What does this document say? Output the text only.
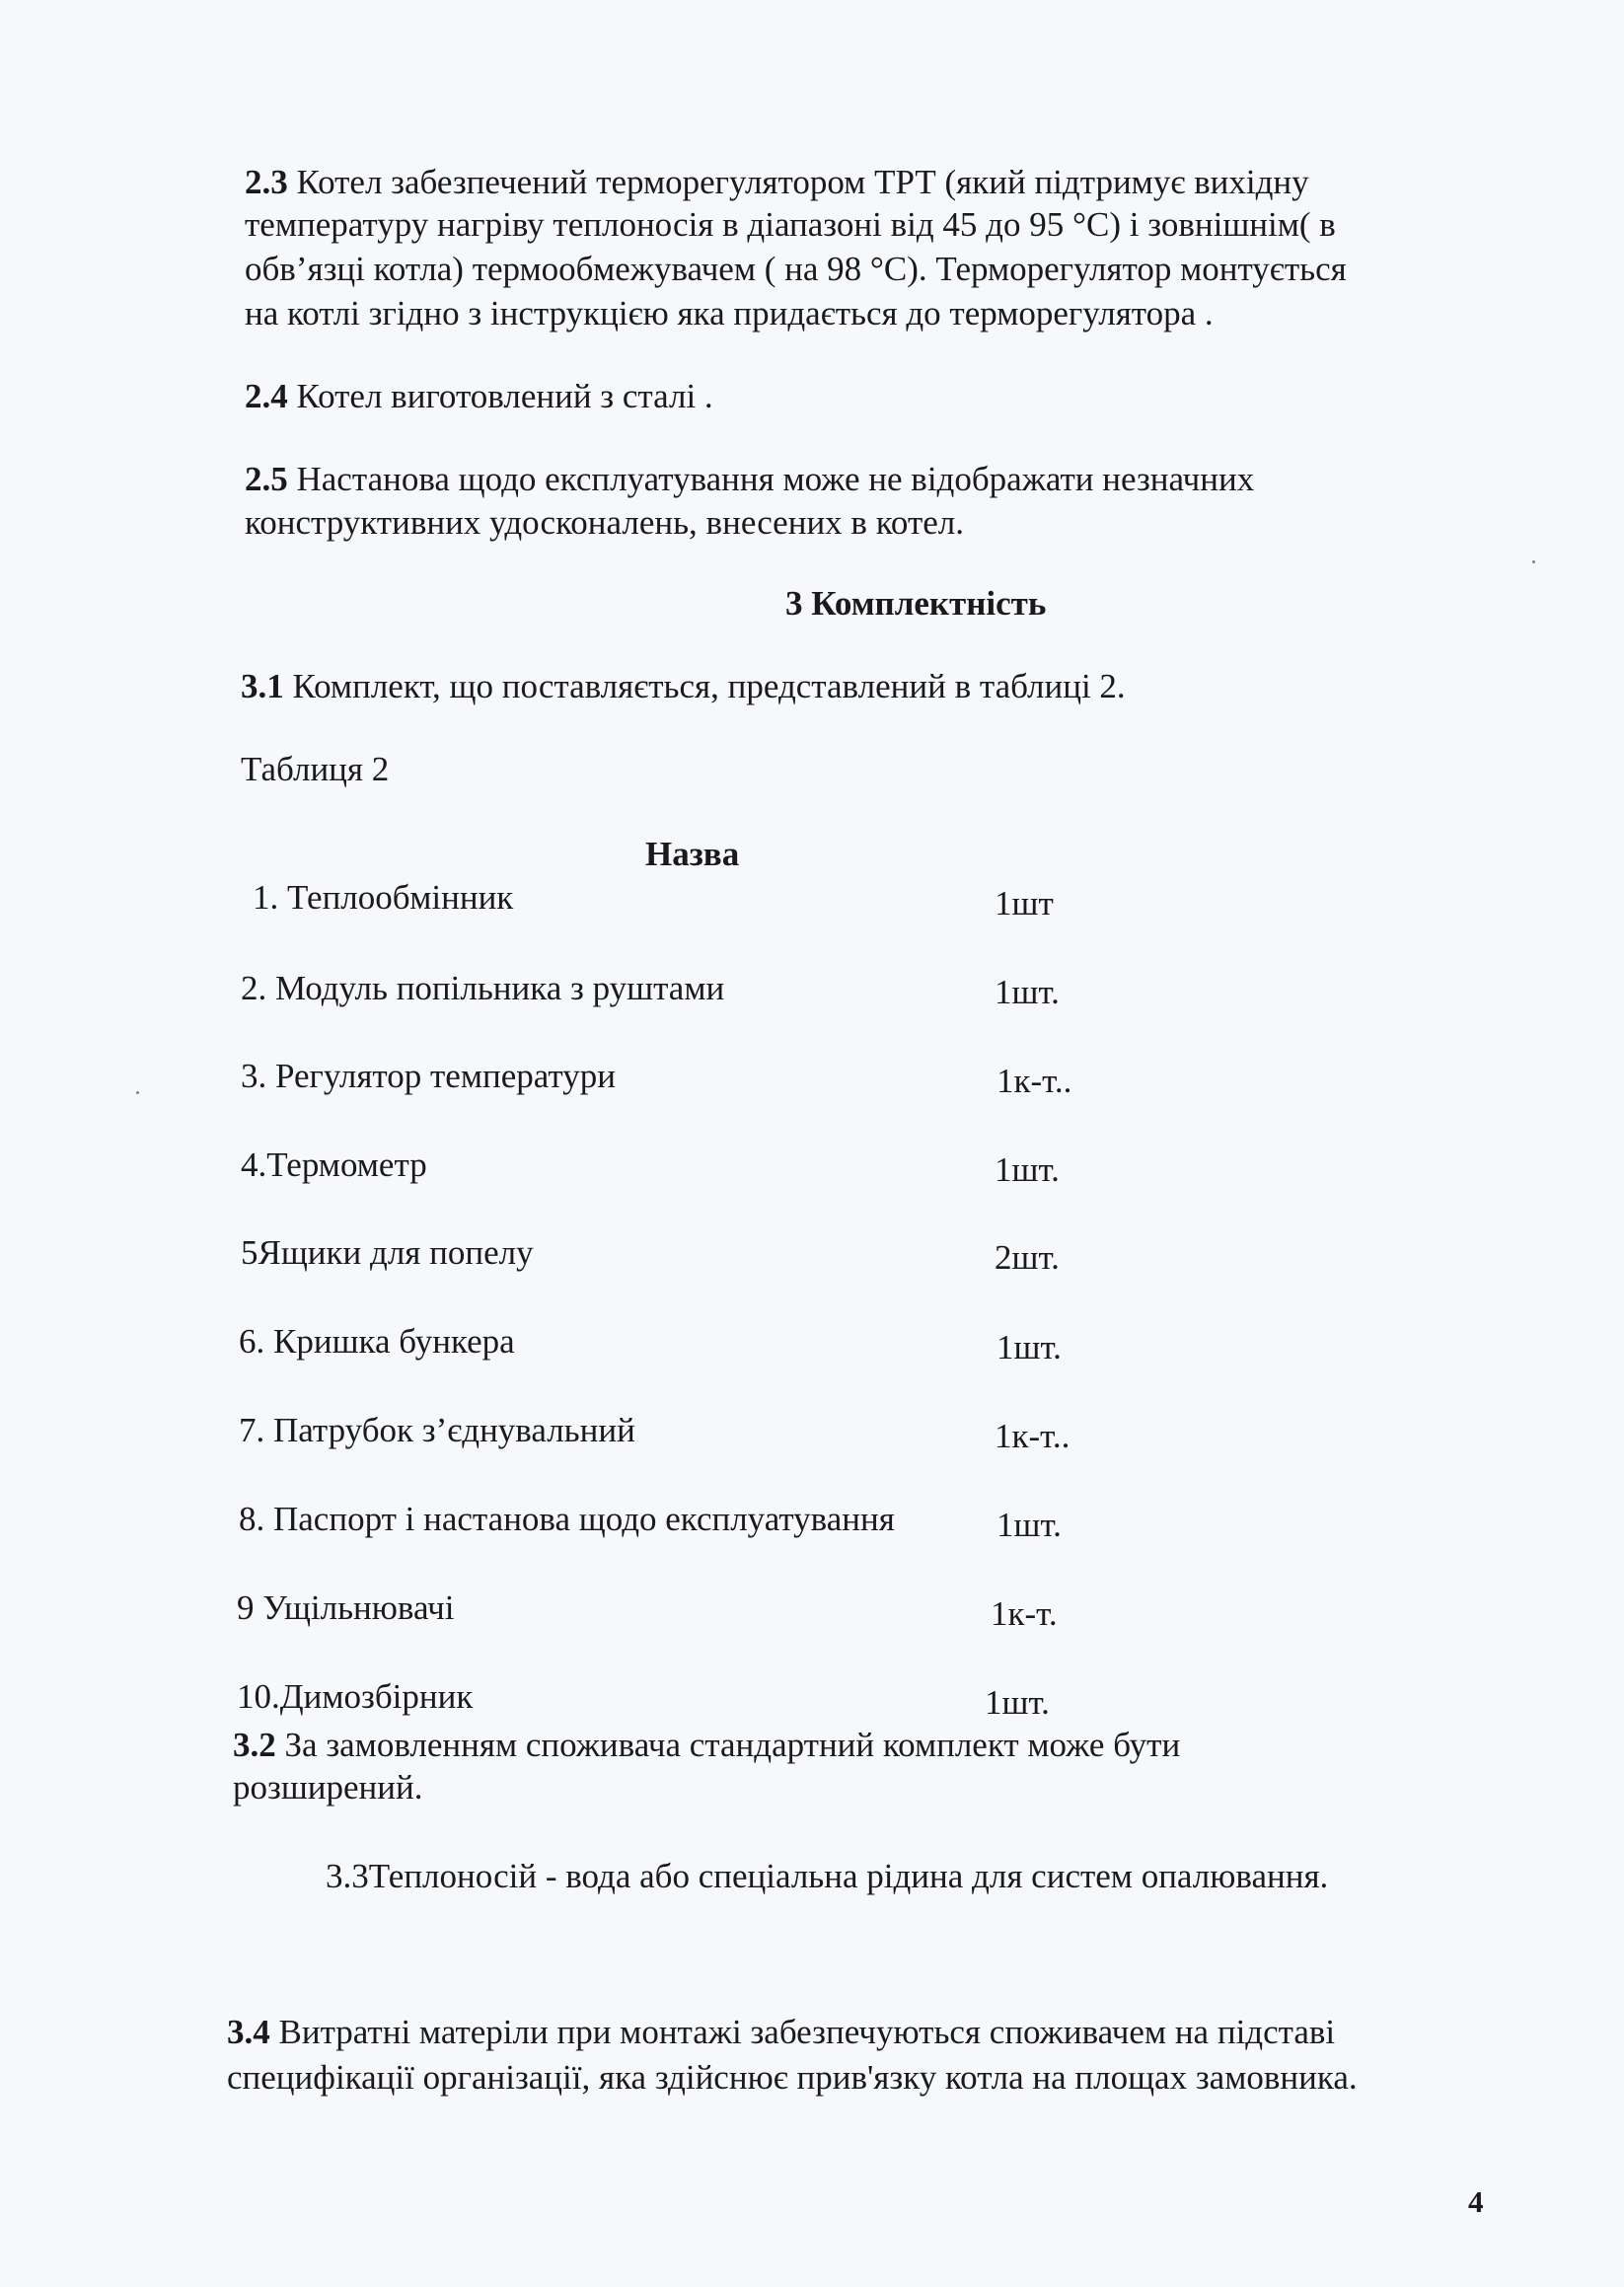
2.3 Котел забезпечений терморегулятором ТРТ (який підтримує вихідну
температуру нагріву теплоносія в діапазоні від 45 до 95 °С) і зовнішнім( в
обв’язці котла) термообмежувачем ( на 98 °С). Терморегулятор монтується
на котлі згідно з інструкцією яка придається до терморегулятора .
2.4 Котел виготовлений з сталі .
2.5 Настанова щодо експлуатування може не відображати незначних
конструктивних удосконалень, внесених в котел.
3 Комплектність
3.1 Комплект, що поставляється, представлений в таблиці 2.
Таблиця 2
Назва
1. Теплообмінник	1шт
2. Модуль попільника з руштами	1шт.
3. Регулятор температури	1к-т..
4.Термометр	1шт.
5Ящики для попелу	2шт.
6. Кришка бункера	1шт.
7. Патрубок з’єднувальний	1к-т..
8. Паспорт і настанова щодо експлуатування	1шт.
9 Ущільнювачі	1к-т.
10.Димозбірник	1шт.
3.2 За замовленням споживача стандартний комплект може бути
розширений.
3.3Теплоносій - вода або спеціальна рідина для систем опалювання.
3.4 Витратні матеріли при монтажі забезпечуються споживачем на підставі
специфікації організації, яка здійснює прив'язку котла на площах замовника.
4
